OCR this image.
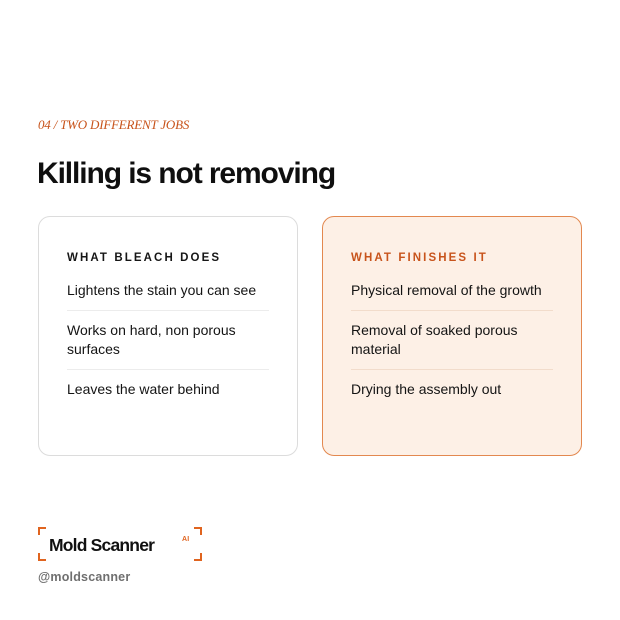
04 / TWO DIFFERENT JOBS
Killing is not removing
WHAT BLEACH DOES
Lightens the stain you can see
Works on hard, non porous surfaces
Leaves the water behind
WHAT FINISHES IT
Physical removal of the growth
Removal of soaked porous material
Drying the assembly out
Mold Scanner	AI
@moldscanner
